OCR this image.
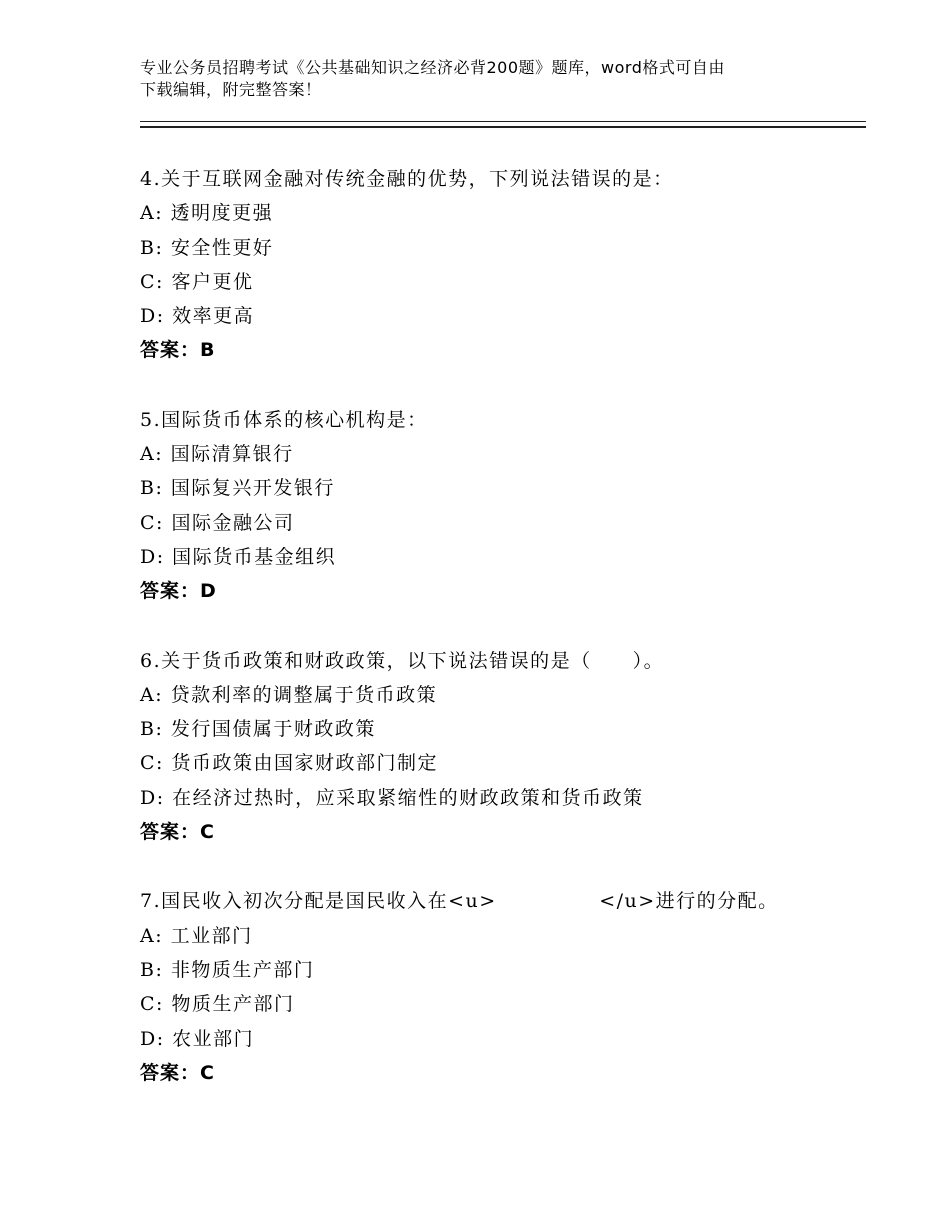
专业公务员招聘考试《公共基础知识之经济必背200题》题库，word格式可自由
下载编辑，附完整答案！
4.关于互联网金融对传统金融的优势，下列说法错误的是：
A: 透明度更强
B: 安全性更好
C: 客户更优
D: 效率更高
答案：B
5.国际货币体系的核心机构是：
A: 国际清算银行
B: 国际复兴开发银行
C: 国际金融公司
D: 国际货币基金组织
答案：D
6.关于货币政策和财政政策，以下说法错误的是（　　）。
A: 贷款利率的调整属于货币政策
B: 发行国债属于财政政策
C: 货币政策由国家财政部门制定
D: 在经济过热时，应采取紧缩性的财政政策和货币政策
答案：C
7.国民收入初次分配是国民收入在<u>　　　　　</u>进行的分配。
A: 工业部门
B: 非物质生产部门
C: 物质生产部门
D: 农业部门
答案：C
